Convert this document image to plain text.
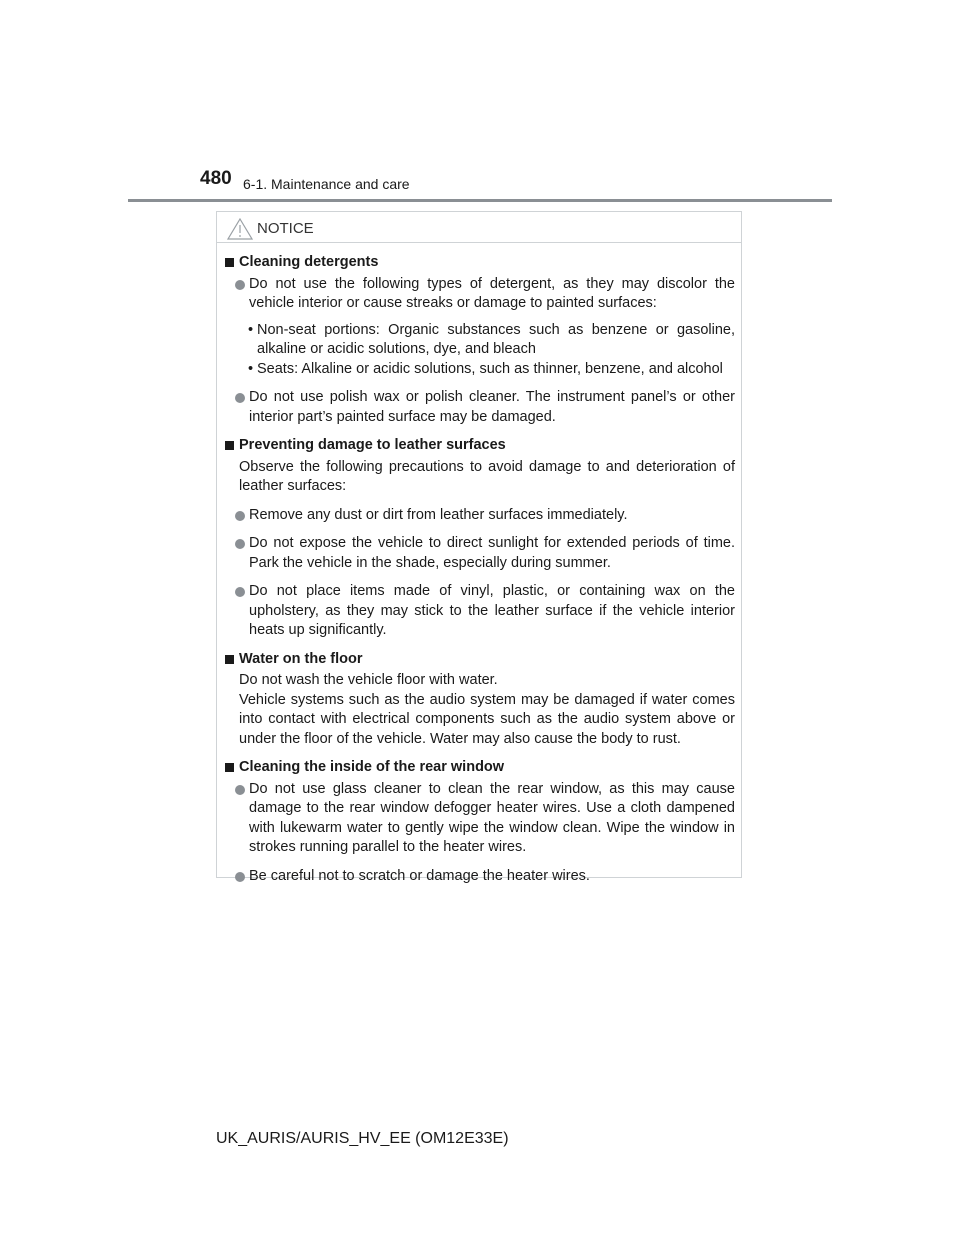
480 6-1. Maintenance and care
NOTICE

Cleaning detergents

Do not use the following types of detergent, as they may discolor the vehicle interior or cause streaks or damage to painted surfaces:

• Non-seat portions: Organic substances such as benzene or gasoline, alkaline or acidic solutions, dye, and bleach
• Seats: Alkaline or acidic solutions, such as thinner, benzene, and alcohol

Do not use polish wax or polish cleaner. The instrument panel’s or other interior part’s painted surface may be damaged.

Preventing damage to leather surfaces

Observe the following precautions to avoid damage to and deterioration of leather surfaces:

Remove any dust or dirt from leather surfaces immediately.

Do not expose the vehicle to direct sunlight for extended periods of time. Park the vehicle in the shade, especially during summer.

Do not place items made of vinyl, plastic, or containing wax on the upholstery, as they may stick to the leather surface if the vehicle interior heats up significantly.

Water on the floor

Do not wash the vehicle floor with water.

Vehicle systems such as the audio system may be damaged if water comes into contact with electrical components such as the audio system above or under the floor of the vehicle. Water may also cause the body to rust.

Cleaning the inside of the rear window

Do not use glass cleaner to clean the rear window, as this may cause damage to the rear window defogger heater wires. Use a cloth dampened with lukewarm water to gently wipe the window clean. Wipe the window in strokes running parallel to the heater wires.

Be careful not to scratch or damage the heater wires.

UK_AURIS/AURIS_HV_EE (OM12E33E)
